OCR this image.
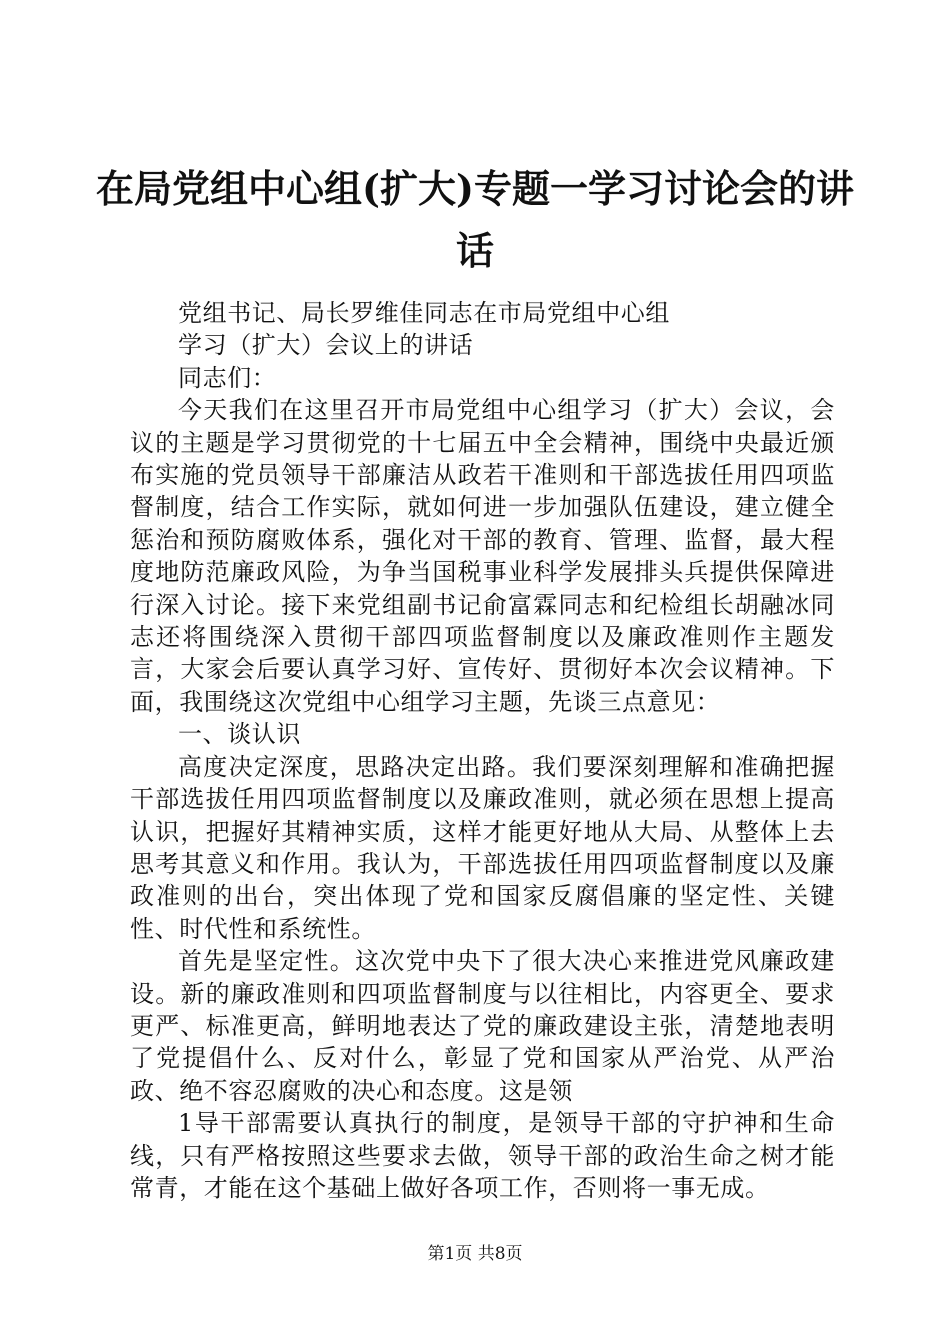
在局党组中心组(扩大)专题一学习讨论会的讲
话

党组书记、局长罗维佳同志在市局党组中心组

学习（扩大）会议上的讲话

同志们：

今天我们在这里召开市局党组中心组学习（扩大）会议，会议的主题是学习贯彻党的十七届五中全会精神，围绕中央最近颁布实施的党员领导干部廉洁从政若干准则和干部选拔任用四项监督制度，结合工作实际，就如何进一步加强队伍建设，建立健全惩治和预防腐败体系，强化对干部的教育、管理、监督，最大程度地防范廉政风险，为争当国税事业科学发展排头兵提供保障进行深入讨论。接下来党组副书记俞富霖同志和纪检组长胡融冰同志还将围绕深入贯彻干部四项监督制度以及廉政准则作主题发言，大家会后要认真学习好、宣传好、贯彻好本次会议精神。下面，我围绕这次党组中心组学习主题，先谈三点意见：

一、谈认识

高度决定深度，思路决定出路。我们要深刻理解和准确把握干部选拔任用四项监督制度以及廉政准则，就必须在思想上提高认识，把握好其精神实质，这样才能更好地从大局、从整体上去思考其意义和作用。我认为，干部选拔任用四项监督制度以及廉政准则的出台，突出体现了党和国家反腐倡廉的坚定性、关键性、时代性和系统性。

首先是坚定性。这次党中央下了很大决心来推进党风廉政建设。新的廉政准则和四项监督制度与以往相比，内容更全、要求更严、标准更高，鲜明地表达了党的廉政建设主张，清楚地表明了党提倡什么、反对什么，彰显了党和国家从严治党、从严治政、绝不容忍腐败的决心和态度。这是领

1导干部需要认真执行的制度，是领导干部的守护神和生命线，只有严格按照这些要求去做，领导干部的政治生命之树才能常青，才能在这个基础上做好各项工作，否则将一事无成。

第1页 共8页
